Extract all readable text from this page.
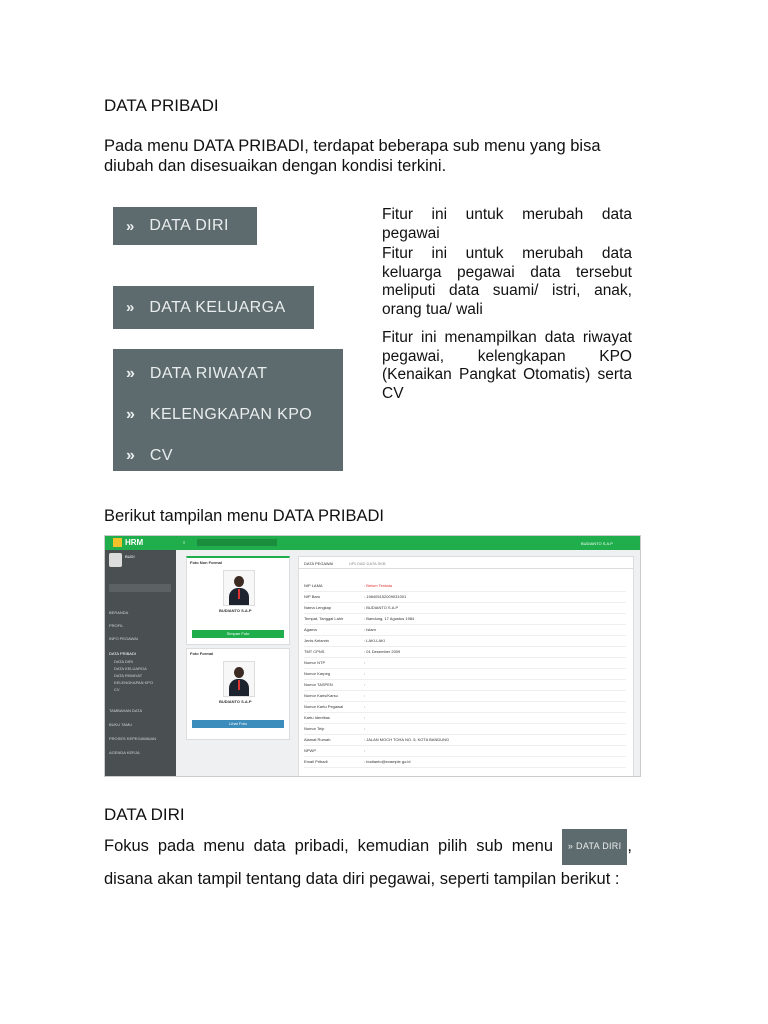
DATA PRIBADI
Pada menu DATA PRIBADI, terdapat beberapa sub menu yang bisa diubah dan disesuaikan dengan kondisi terkini.
» DATA DIRI
» DATA KELUARGA
» DATA RIWAYAT
» KELENGKAPAN KPO
» CV
Fitur ini untuk merubah data pegawai
Fitur ini untuk merubah data keluarga pegawai data tersebut meliputi data suami/ istri, anak, orang tua/ wali
Fitur ini menampilkan data riwayat pegawai, kelengkapan KPO (Kenaikan Pangkat Otomatis) serta CV
Berikut tampilan menu DATA PRIBADI
HRM	≡	BUDIANTO S.A.P
BUDI
BERANDA
PROFIL
INFO PEGAWAI
DATA PRIBADI
DATA DIRI
DATA KELUARGA
DATA RIWAYAT
KELENGKAPAN KPO
CV
TAMBAHAN DATA
BUKU TAMU
PROSES KEPEGAWAIAN
AGENDA KERJA
Foto Non Formal
BUDIANTO S.A.P
Simpan Foto
Foto Formal
BUDIANTO S.A.P
Lihat Foto
DATA PEGAWAI	UPLOAD DATA SKB
NIP LAMA	: Belum Terdata
NIP Baru	: 198405152009031001
Nama Lengkap	: BUDIANTO S.A.P
Tempat, Tanggal Lahir	: Bandung, 17 Agustus 1984
Agama	: Islam
Jenis Kelamin	: LAKI-LAKI
TMT CPNS	: 01 Desember 2009
Nomor NTP	:
Nomor Karpeg	:
Nomor TASPEN	:
Nomor Karis/Karsu	:
Nomor Kartu Pegawai	:
Kartu Identitas	:
Nomor Telp	:
Alamat Rumah	: JALAN MOCH TOHA NO. 5, KOTA BANDUNG
NPWP	:
Email Pribadi	: budianto@example.go.id
DATA DIRI
Fokus pada menu data pribadi, kemudian pilih sub menu » DATA DIRI , disana akan tampil tentang data diri pegawai, seperti tampilan berikut :
